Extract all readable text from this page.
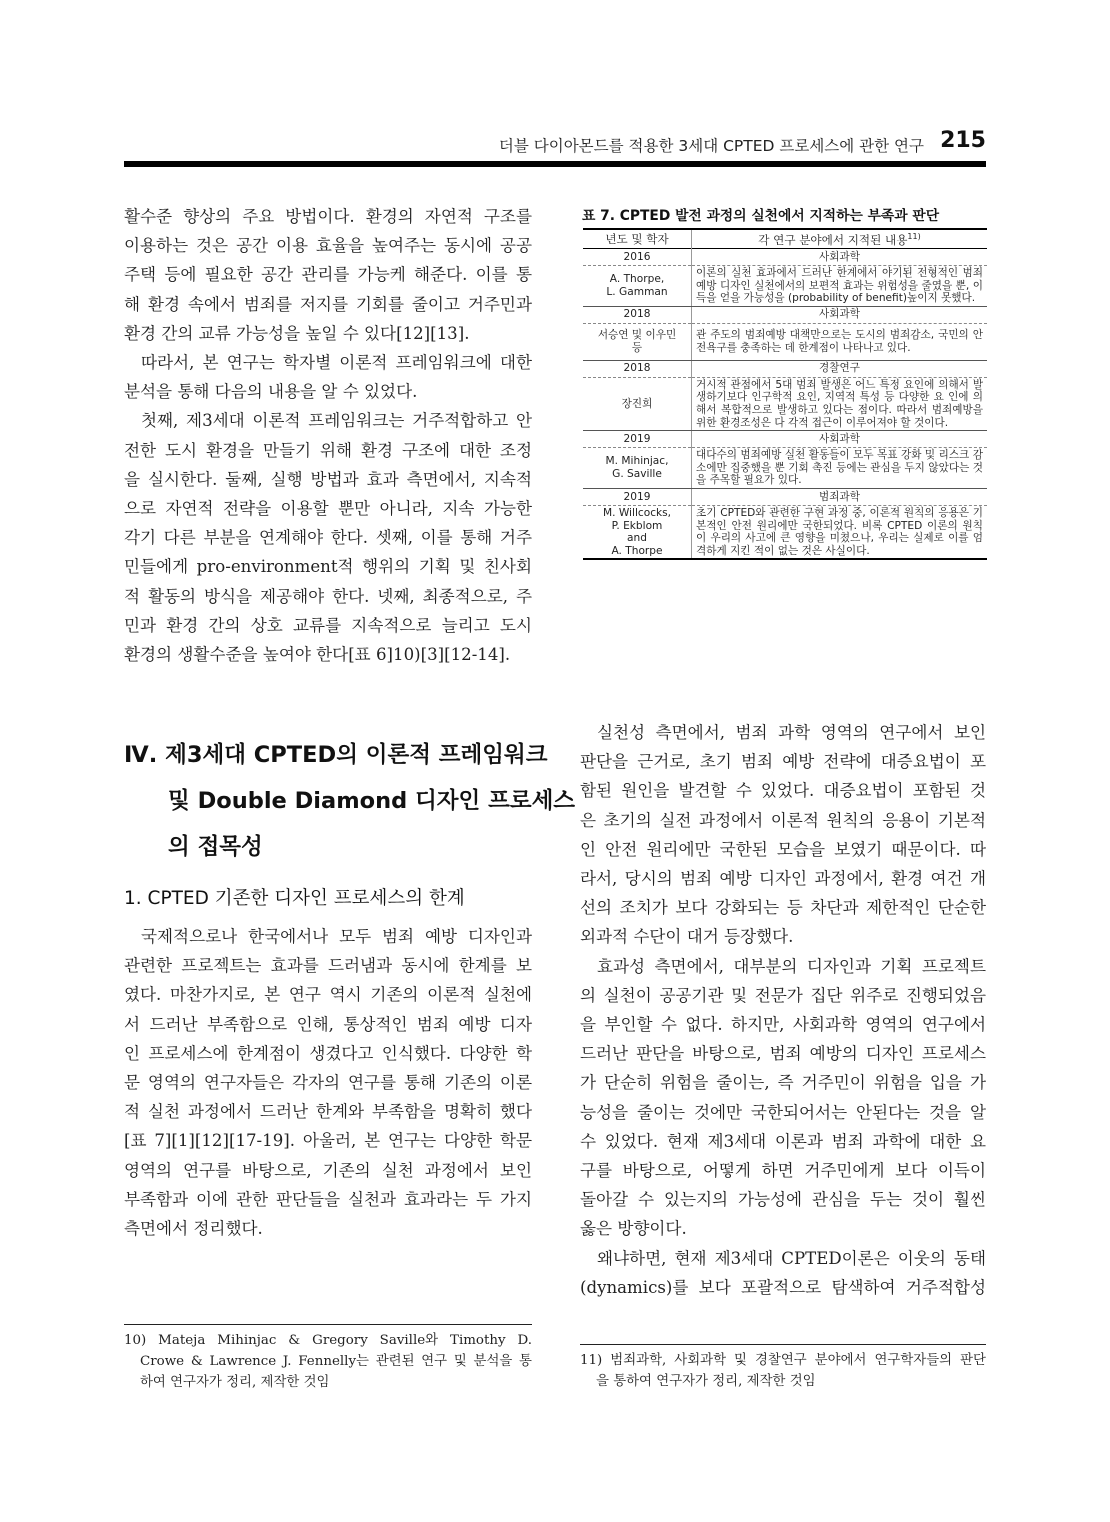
더블 다이아몬드를 적용한 3세대 CPTED 프로세스에 관한 연구 215
활수준 향상의 주요 방법이다. 환경의 자연적 구조를
이용하는 것은 공간 이용 효율을 높여주는 동시에 공공
주택 등에 필요한 공간 관리를 가능케 해준다. 이를 통
해 환경 속에서 범죄를 저지를 기회를 줄이고 거주민과
환경 간의 교류 가능성을 높일 수 있다[12][13].
따라서, 본 연구는 학자별 이론적 프레임워크에 대한
분석을 통해 다음의 내용을 알 수 있었다.
첫째, 제3세대 이론적 프레임워크는 거주적합하고 안
전한 도시 환경을 만들기 위해 환경 구조에 대한 조정
을 실시한다. 둘째, 실행 방법과 효과 측면에서, 지속적
으로 자연적 전략을 이용할 뿐만 아니라, 지속 가능한
각기 다른 부분을 연계해야 한다. 셋째, 이를 통해 거주
민들에게 pro-environment적 행위의 기획 및 친사회
적 활동의 방식을 제공해야 한다. 넷째, 최종적으로, 주
민과 환경 간의 상호 교류를 지속적으로 늘리고 도시
환경의 생활수준을 높여야 한다[표 6]10)[3][12-14].
Ⅳ. 제3세대 CPTED의 이론적 프레임워크
및 Double Diamond 디자인 프로세스
의 접목성
1. CPTED 기존한 디자인 프로세스의 한계
국제적으로나 한국에서나 모두 범죄 예방 디자인과
관련한 프로젝트는 효과를 드러냄과 동시에 한계를 보
였다. 마찬가지로, 본 연구 역시 기존의 이론적 실천에
서 드러난 부족함으로 인해, 통상적인 범죄 예방 디자
인 프로세스에 한계점이 생겼다고 인식했다. 다양한 학
문 영역의 연구자들은 각자의 연구를 통해 기존의 이론
적 실천 과정에서 드러난 한계와 부족함을 명확히 했다
[표 7][1][12][17-19]. 아울러, 본 연구는 다양한 학문
영역의 연구를 바탕으로, 기존의 실천 과정에서 보인
부족함과 이에 관한 판단들을 실천과 효과라는 두 가지
측면에서 정리했다.
10) Mateja Mihinjac & Gregory Saville와 Timothy D.
Crowe & Lawrence J. Fennelly는 관련된 연구 및 분석을 통
하여 연구자가 정리, 제작한 것임
표 7. CPTED 발전 과정의 실천에서 지적하는 부족과 판단
년도 및 학자	각 연구 분야에서 지적된 내용$^{11)}$
2016	사회과학

A. Thorpe,
L. Gamman	이론의 실천 효과에서 드러난 한계에서 야기된 전형적인 범죄예방 디자인 실천에서의 보편적 효과는 위험성을 줄였을 뿐, 이득을 얻을 가능성을 (probability of benefit)높이지 못했다.
2018	사회과학

서승연 및 이우민
등	관 주도의 범죄예방 대책만으로는 도시의 범죄감소, 국민의 안전욕구를 충족하는 데 한계점이 나타나고 있다.
2018	경찰연구

장진희	거시적 관점에서 5대 범죄 발생은 어느 특정 요인에 의해서 발생하기보다 인구학적 요인, 지역적 특성 등 다양한 요 인에 의해서 복합적으로 발생하고 있다는 점이다. 따라서 범죄예방을 위한 환경조성은 다 각적 접근이 이루어져야 할 것이다.
2019	사회과학

M. Mihinjac,
G. Saville	대다수의 범죄예방 실천 활동들이 모두 목표 강화 및 리스크 감소에만 집중했을 뿐 기회 촉진 등에는 관심을 두지 않았다는 것을 주목할 필요가 있다.
2019	범죄과학

M. Willcocks,
P. Ekblom
and
A. Thorpe	초기 CPTED와 관련한 구현 과정 중, 이론적 원칙의 응용은 기본적인 안전 원리에만 국한되었다. 비록 CPTED 이론의 원칙이 우리의 사고에 큰 영향을 미쳤으나, 우리는 실제로 이를 엄격하게 지킨 적이 없는 것은 사실이다.
실천성 측면에서, 범죄 과학 영역의 연구에서 보인
판단을 근거로, 초기 범죄 예방 전략에 대증요법이 포
함된 원인을 발견할 수 있었다. 대증요법이 포함된 것
은 초기의 실전 과정에서 이론적 원칙의 응용이 기본적
인 안전 원리에만 국한된 모습을 보였기 때문이다. 따
라서, 당시의 범죄 예방 디자인 과정에서, 환경 여건 개
선의 조치가 보다 강화되는 등 차단과 제한적인 단순한
외과적 수단이 대거 등장했다.
효과성 측면에서, 대부분의 디자인과 기획 프로젝트
의 실천이 공공기관 및 전문가 집단 위주로 진행되었음
을 부인할 수 없다. 하지만, 사회과학 영역의 연구에서
드러난 판단을 바탕으로, 범죄 예방의 디자인 프로세스
가 단순히 위험을 줄이는, 즉 거주민이 위험을 입을 가
능성을 줄이는 것에만 국한되어서는 안된다는 것을 알
수 있었다. 현재 제3세대 이론과 범죄 과학에 대한 요
구를 바탕으로, 어떻게 하면 거주민에게 보다 이득이
돌아갈 수 있는지의 가능성에 관심을 두는 것이 훨씬
옳은 방향이다.
왜냐하면, 현재 제3세대 CPTED이론은 이웃의 동태
(dynamics)를 보다 포괄적으로 탐색하여 거주적합성
11) 범죄과학, 사회과학 및 경찰연구 분야에서 연구학자들의 판단
을 통하여 연구자가 정리, 제작한 것임
